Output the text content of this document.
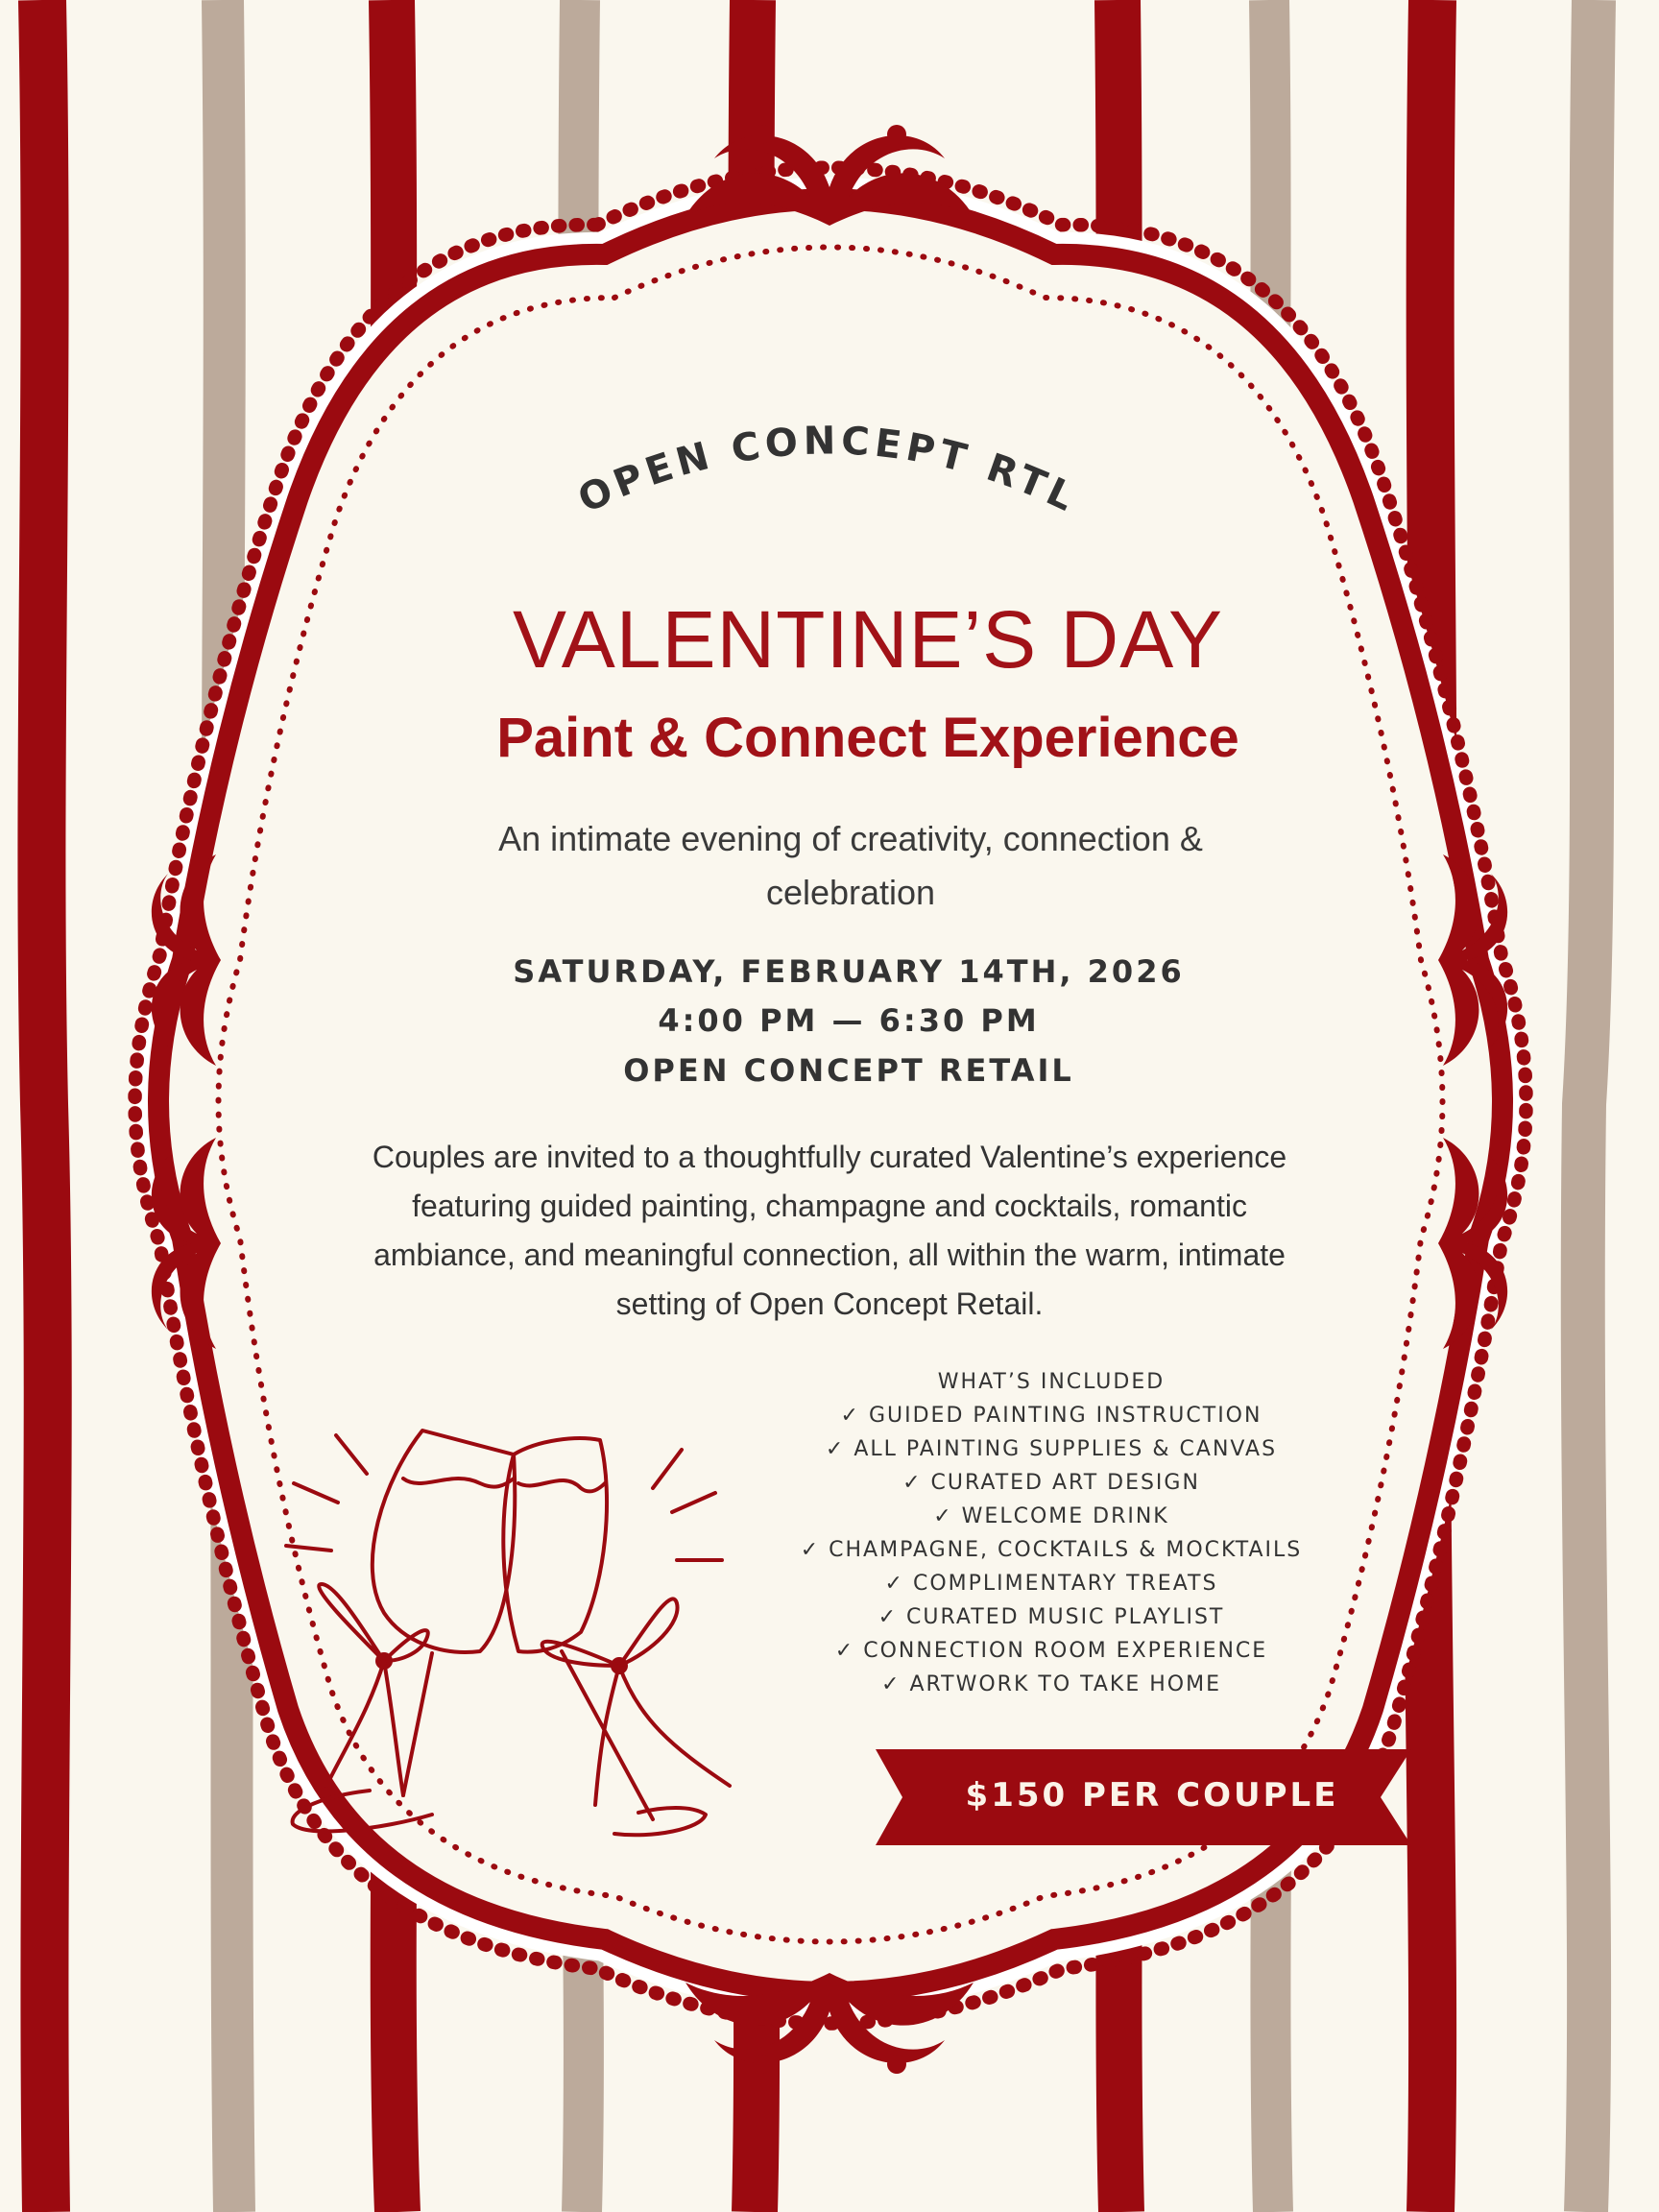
OPEN CONCEPT RTL
VALENTINE’S DAY
Paint & Connect Experience

An intimate evening of creativity, connection & celebration

SATURDAY, FEBRUARY 14TH, 2026

4:00 PM — 6:30 PM

OPEN CONCEPT RETAIL

Couples are invited to a thoughtfully curated Valentine’s experience featuring guided painting, champagne and cocktails, romantic ambiance, and meaningful connection, all within the warm, intimate setting of Open Concept Retail.

WHAT’S INCLUDED
✓ GUIDED PAINTING INSTRUCTION
✓ ALL PAINTING SUPPLIES & CANVAS
✓ CURATED ART DESIGN
✓ WELCOME DRINK
✓ CHAMPAGNE, COCKTAILS & MOCKTAILS
✓ COMPLIMENTARY TREATS
✓ CURATED MUSIC PLAYLIST
✓ CONNECTION ROOM EXPERIENCE
✓ ARTWORK TO TAKE HOME
$150 PER COUPLE
